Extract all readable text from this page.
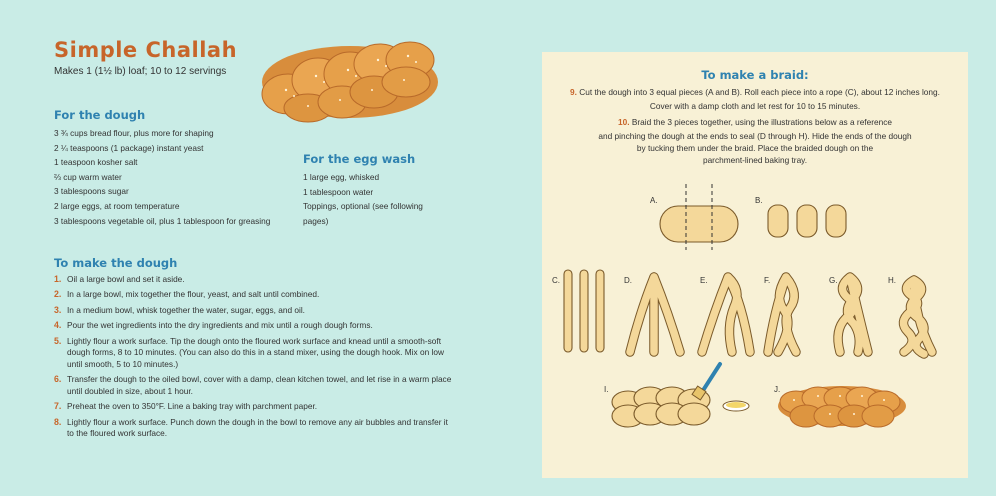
Simple Challah
Makes 1 (1½ lb) loaf; 10 to 12 servings
For the dough
3 ¾ cups bread flour, plus more for shaping
2 ¼ teaspoons (1 package) instant yeast
1 teaspoon kosher salt
⅔ cup warm water
3 tablespoons sugar
2 large eggs, at room temperature
3 tablespoons vegetable oil, plus 1 tablespoon for greasing
For the egg wash
1 large egg, whisked
1 tablespoon water
Toppings, optional (see following
pages)
To make the dough
1. Oil a large bowl and set it aside.
2. In a large bowl, mix together the flour, yeast, and salt until combined.
3. In a medium bowl, whisk together the water, sugar, eggs, and oil.
4. Pour the wet ingredients into the dry ingredients and mix until a rough dough forms.
5. Lightly flour a work surface. Tip the dough onto the floured work surface and knead until a smooth-soft dough forms, 8 to 10 minutes. (You can also do this in a stand mixer, using the dough hook. Mix on low until smooth, 5 to 10 minutes.)
6. Transfer the dough to the oiled bowl, cover with a damp, clean kitchen towel, and let rise in a warm place until doubled in size, about 1 hour.
7. Preheat the oven to 350°F. Line a baking tray with parchment paper.
8. Lightly flour a work surface. Punch down the dough in the bowl to remove any air bubbles and transfer it to the floured work surface.
To make a braid:

9. Cut the dough into 3 equal pieces (A and B). Roll each piece into a rope (C), about 12 inches long.

Cover with a damp cloth and let rest for 10 to 15 minutes.

10. Braid the 3 pieces together, using the illustrations below as a reference

and pinching the dough at the ends to seal (D through H). Hide the ends of the dough

by tucking them under the braid. Place the braided dough on the

parchment-lined baking tray.

A.	B.
C.	D.	E.	F.	G.	H.
I.	J.
